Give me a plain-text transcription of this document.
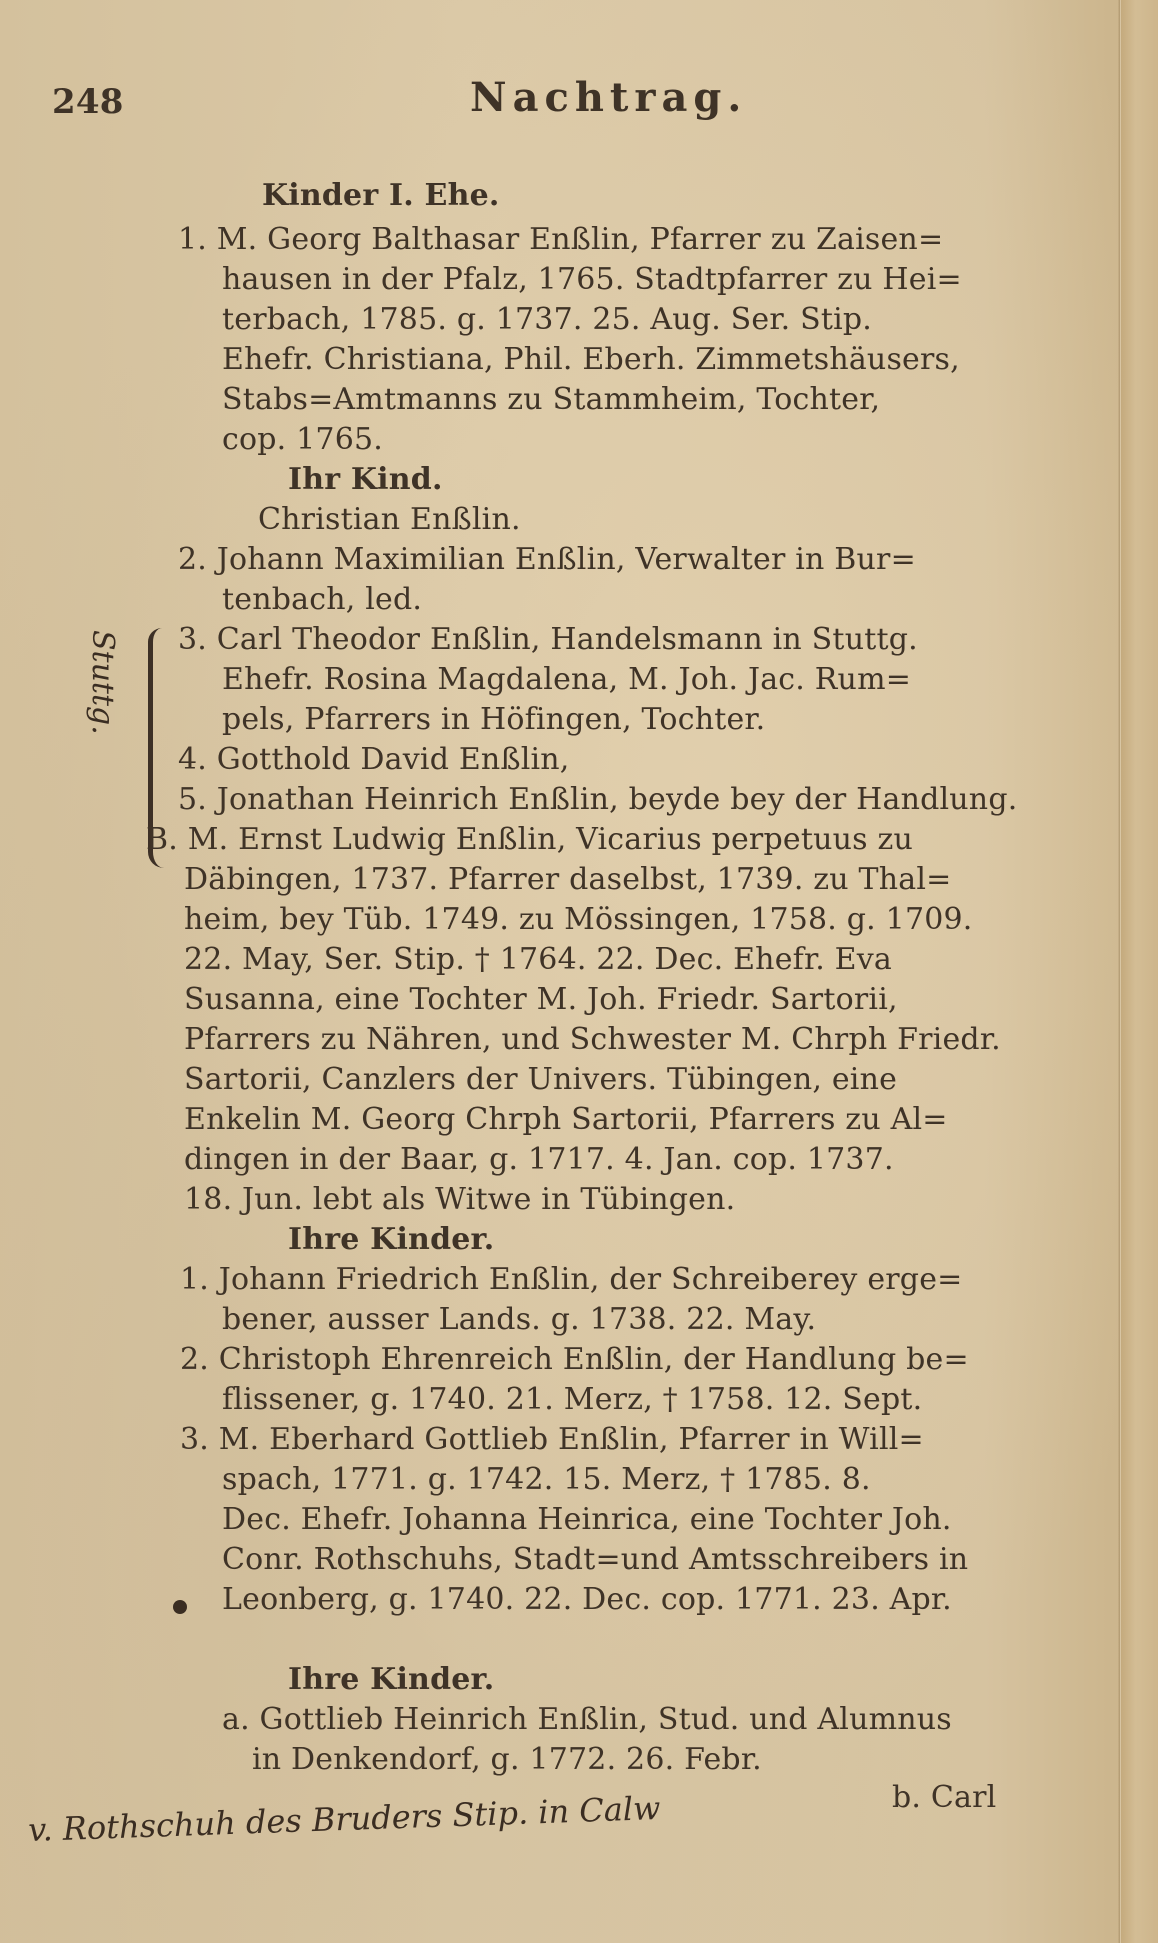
248	Nachtrag.
Kinder I. Ehe.
1. M. Georg Balthasar Enßlin, Pfarrer zu Zaisen=
hausen in der Pfalz, 1765. Stadtpfarrer zu Hei=
terbach, 1785. g. 1737. 25. Aug. Ser. Stip.
Ehefr. Christiana, Phil. Eberh. Zimmetshäusers,
Stabs=Amtmanns zu Stammheim, Tochter,
cop. 1765.
Ihr Kind.
Christian Enßlin.
2. Johann Maximilian Enßlin, Verwalter in Bur=
tenbach, led.
3. Carl Theodor Enßlin, Handelsmann in Stuttg.
Ehefr. Rosina Magdalena, M. Joh. Jac. Rum=
pels, Pfarrers in Höfingen, Tochter.
4. Gotthold David Enßlin,
5. Jonathan Heinrich Enßlin, beyde bey der Handlung.
Stuttg.
B. M. Ernst Ludwig Enßlin, Vicarius perpetuus zu
Däbingen, 1737. Pfarrer daselbst, 1739. zu Thal=
heim, bey Tüb. 1749. zu Mössingen, 1758. g. 1709.
22. May, Ser. Stip. † 1764. 22. Dec. Ehefr. Eva
Susanna, eine Tochter M. Joh. Friedr. Sartorii,
Pfarrers zu Nähren, und Schwester M. Chrph Friedr.
Sartorii, Canzlers der Univers. Tübingen, eine
Enkelin M. Georg Chrph Sartorii, Pfarrers zu Al=
dingen in der Baar, g. 1717. 4. Jan. cop. 1737.
18. Jun. lebt als Witwe in Tübingen.
Ihre Kinder.
1. Johann Friedrich Enßlin, der Schreiberey erge=
bener, ausser Lands. g. 1738. 22. May.
2. Christoph Ehrenreich Enßlin, der Handlung be=
flissener, g. 1740. 21. Merz, † 1758. 12. Sept.
3. M. Eberhard Gottlieb Enßlin, Pfarrer in Will=
spach, 1771. g. 1742. 15. Merz, † 1785. 8.
Dec. Ehefr. Johanna Heinrica, eine Tochter Joh.
Conr. Rothschuhs, Stadt=und Amtsschreibers in
Leonberg, g. 1740. 22. Dec. cop. 1771. 23. Apr.
Ihre Kinder.
a. Gottlieb Heinrich Enßlin, Stud. und Alumnus
in Denkendorf, g. 1772. 26. Febr.
b. Carl
v. Rothschuh des Bruders Stip. in Calw
